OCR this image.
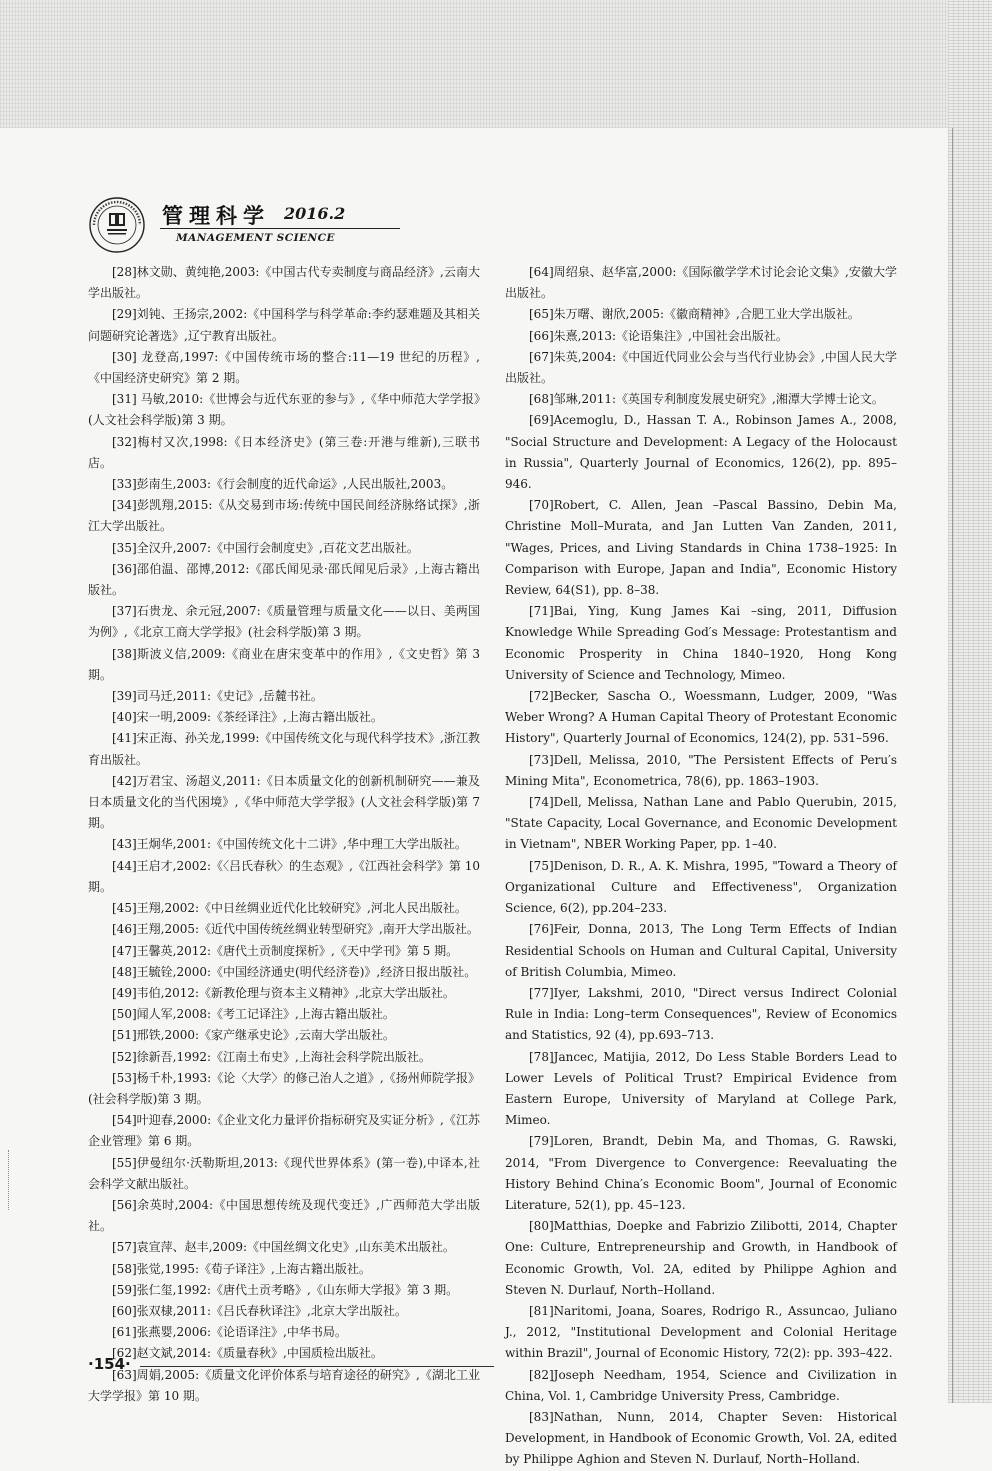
管理科学 2016.2
MANAGEMENT SCIENCE

[28]林文勋、黄纯艳,2003:《中国古代专卖制度与商品经济》,云南大学出版社。

[29]刘钝、王扬宗,2002:《中国科学与科学革命:李约瑟难题及其相关问题研究论著选》,辽宁教育出版社。

[30] 龙登高,1997:《中国传统市场的整合:11—19 世纪的历程》,《中国经济史研究》第 2 期。

[31] 马敏,2010:《世博会与近代东亚的参与》,《华中师范大学学报》(人文社会科学版)第 3 期。

[32]梅村又次,1998:《日本经济史》(第三卷:开港与维新),三联书店。

[33]彭南生,2003:《行会制度的近代命运》,人民出版社,2003。

[34]彭凯翔,2015:《从交易到市场:传统中国民间经济脉络试探》,浙江大学出版社。

[35]全汉升,2007:《中国行会制度史》,百花文艺出版社。

[36]邵伯温、邵博,2012:《邵氏闻见录·邵氏闻见后录》,上海古籍出版社。

[37]石贵龙、余元冠,2007:《质量管理与质量文化——以日、美两国为例》,《北京工商大学学报》(社会科学版)第 3 期。

[38]斯波义信,2009:《商业在唐宋变革中的作用》,《文史哲》第 3 期。

[39]司马迁,2011:《史记》,岳麓书社。

[40]宋一明,2009:《茶经译注》,上海古籍出版社。

[41]宋正海、孙关龙,1999:《中国传统文化与现代科学技术》,浙江教育出版社。

[42]万君宝、汤超义,2011:《日本质量文化的创新机制研究——兼及日本质量文化的当代困境》,《华中师范大学学报》(人文社会科学版)第 7 期。

[43]王炯华,2001:《中国传统文化十二讲》,华中理工大学出版社。

[44]王启才,2002:《〈吕氏春秋〉的生态观》,《江西社会科学》第 10 期。

[45]王翔,2002:《中日丝绸业近代化比较研究》,河北人民出版社。

[46]王翔,2005:《近代中国传统丝绸业转型研究》,南开大学出版社。

[47]王馨英,2012:《唐代土贡制度探析》,《天中学刊》第 5 期。

[48]王毓铨,2000:《中国经济通史(明代经济卷)》,经济日报出版社。

[49]韦伯,2012:《新教伦理与资本主义精神》,北京大学出版社。

[50]闻人军,2008:《考工记译注》,上海古籍出版社。

[51]邢铁,2000:《家产继承史论》,云南大学出版社。

[52]徐新吾,1992:《江南土布史》,上海社会科学院出版社。

[53]杨千朴,1993:《论〈大学〉的修己治人之道》,《扬州师院学报》(社会科学版)第 3 期。

[54]叶迎春,2000:《企业文化力量评价指标研究及实证分析》,《江苏企业管理》第 6 期。

[55]伊曼纽尔·沃勒斯坦,2013:《现代世界体系》(第一卷),中译本,社会科学文献出版社。

[56]余英时,2004:《中国思想传统及现代变迁》,广西师范大学出版社。

[57]袁宣萍、赵丰,2009:《中国丝绸文化史》,山东美术出版社。

[58]张觉,1995:《荀子译注》,上海古籍出版社。

[59]张仁玺,1992:《唐代土贡考略》,《山东师大学报》第 3 期。

[60]张双棣,2011:《吕氏春秋译注》,北京大学出版社。

[61]张燕婴,2006:《论语译注》,中华书局。

[62]赵文斌,2014:《质量春秋》,中国质检出版社。

[63]周娟,2005:《质量文化评价体系与培育途径的研究》,《湖北工业大学学报》第 10 期。

[64]周绍泉、赵华富,2000:《国际徽学学术讨论会论文集》,安徽大学出版社。

[65]朱万曙、谢欣,2005:《徽商精神》,合肥工业大学出版社。

[66]朱熹,2013:《论语集注》,中国社会出版社。

[67]朱英,2004:《中国近代同业公会与当代行业协会》,中国人民大学出版社。

[68]邹琳,2011:《英国专利制度发展史研究》,湘潭大学博士论文。

[69]Acemoglu, D., Hassan T. A., Robinson James A., 2008, "Social Structure and Development: A Legacy of the Holocaust in Russia", Quarterly Journal of Economics, 126(2), pp. 895–946.

[70]Robert, C. Allen, Jean –Pascal Bassino, Debin Ma, Christine Moll–Murata, and Jan Lutten Van Zanden, 2011, "Wages, Prices, and Living Standards in China 1738–1925: In Comparison with Europe, Japan and India", Economic History Review, 64(S1), pp. 8–38.

[71]Bai, Ying, Kung James Kai –sing, 2011, Diffusion Knowledge While Spreading God′s Message: Protestantism and Economic Prosperity in China 1840–1920, Hong Kong University of Science and Technology, Mimeo.

[72]Becker, Sascha O., Woessmann, Ludger, 2009, "Was Weber Wrong? A Human Capital Theory of Protestant Economic History", Quarterly Journal of Economics, 124(2), pp. 531–596.

[73]Dell, Melissa, 2010, "The Persistent Effects of Peru′s Mining Mita", Econometrica, 78(6), pp. 1863–1903.

[74]Dell, Melissa, Nathan Lane and Pablo Querubin, 2015, "State Capacity, Local Governance, and Economic Development in Vietnam", NBER Working Paper, pp. 1–40.

[75]Denison, D. R., A. K. Mishra, 1995, "Toward a Theory of Organizational Culture and Effectiveness", Organization Science, 6(2), pp.204–233.

[76]Feir, Donna, 2013, The Long Term Effects of Indian Residential Schools on Human and Cultural Capital, University of British Columbia, Mimeo.

[77]Iyer, Lakshmi, 2010, "Direct versus Indirect Colonial Rule in India: Long–term Consequences", Review of Economics and Statistics, 92 (4), pp.693–713.

[78]Jancec, Matijia, 2012, Do Less Stable Borders Lead to Lower Levels of Political Trust? Empirical Evidence from Eastern Europe, University of Maryland at College Park, Mimeo.

[79]Loren, Brandt, Debin Ma, and Thomas, G. Rawski, 2014, "From Divergence to Convergence: Reevaluating the History Behind China′s Economic Boom", Journal of Economic Literature, 52(1), pp. 45–123.

[80]Matthias, Doepke and Fabrizio Zilibotti, 2014, Chapter One: Culture, Entrepreneurship and Growth, in Handbook of Economic Growth, Vol. 2A, edited by Philippe Aghion and Steven N. Durlauf, North–Holland.

[81]Naritomi, Joana, Soares, Rodrigo R., Assuncao, Juliano J., 2012, "Institutional Development and Colonial Heritage within Brazil", Journal of Economic History, 72(2): pp. 393–422.

[82]Joseph Needham, 1954, Science and Civilization in China, Vol. 1, Cambridge University Press, Cambridge.

[83]Nathan, Nunn, 2014, Chapter Seven: Historical Development, in Handbook of Economic Growth, Vol. 2A, edited by Philippe Aghion and Steven N. Durlauf, North–Holland.

·154·
